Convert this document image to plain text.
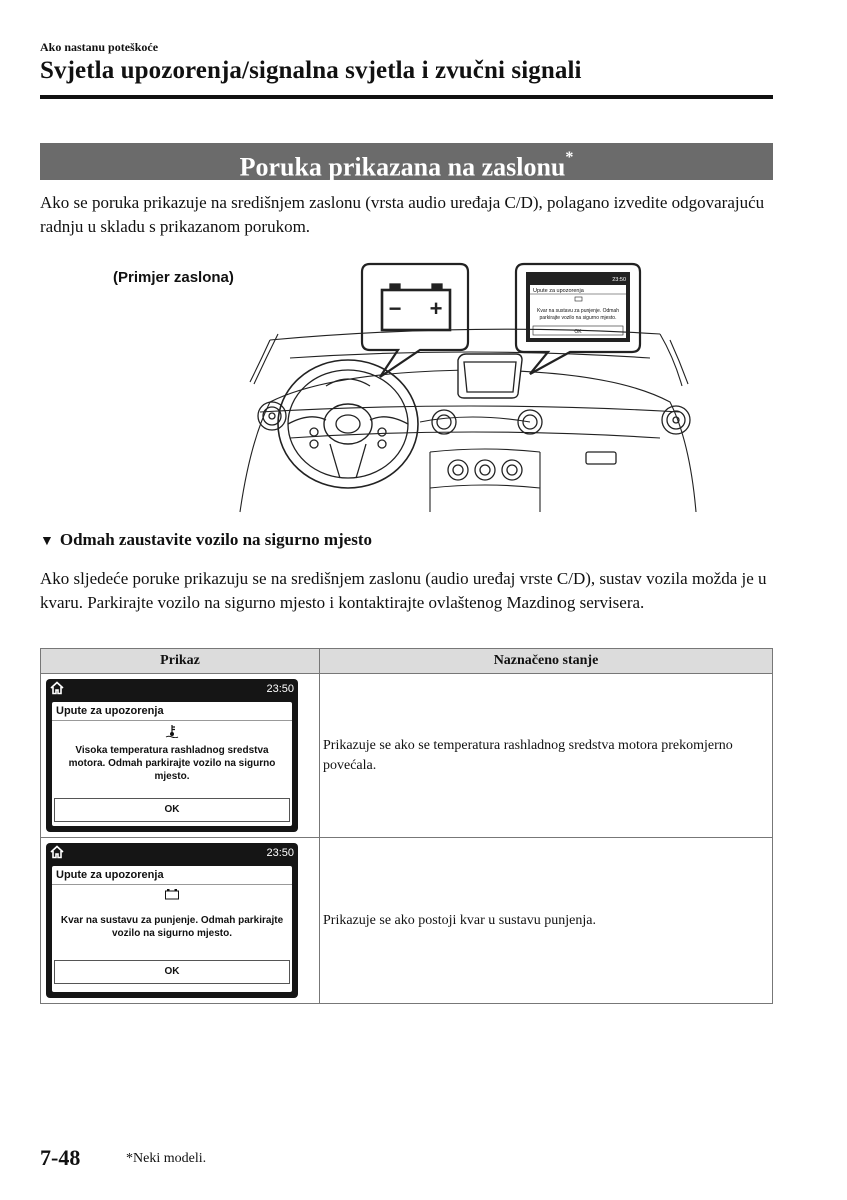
Ako nastanu poteškoće
Svjetla upozorenja/signalna svjetla i zvučni signali
Poruka prikazana na zaslonu*
Ako se poruka prikazuje na središnjem zaslonu (vrsta audio uređaja C/D), polagano izvedite odgovarajuću radnju u skladu s prikazanom porukom.
(Primjer zaslona)
− +
Upute za upozorenja
23:50
Kvar na sustavu za punjenje. Odmah
parkirajte vozilo na sigurno mjesto.
OK
▼ Odmah zaustavite vozilo na sigurno mjesto
Ako sljedeće poruke prikazuju se na središnjem zaslonu (audio uređaj vrste C/D), sustav vozila možda je u kvaru. Parkirajte vozilo na sigurno mjesto i kontaktirajte ovlaštenog Mazdinog servisera.
Prikaz	Naznačeno stanje

23:50
Upute za upozorenja
Visoka temperatura rashladnog sredstva motora. Odmah parkirajte vozilo na sigurno mjesto.
OK	Prikazuje se ako se temperatura rashladnog sredstva motora prekomjerno povećala.

23:50
Upute za upozorenja
Kvar na sustavu za punjenje. Odmah parkirajte vozilo na sigurno mjesto.
OK	Prikazuje se ako postoji kvar u sustavu punjenja.
7-48	*Neki modeli.
